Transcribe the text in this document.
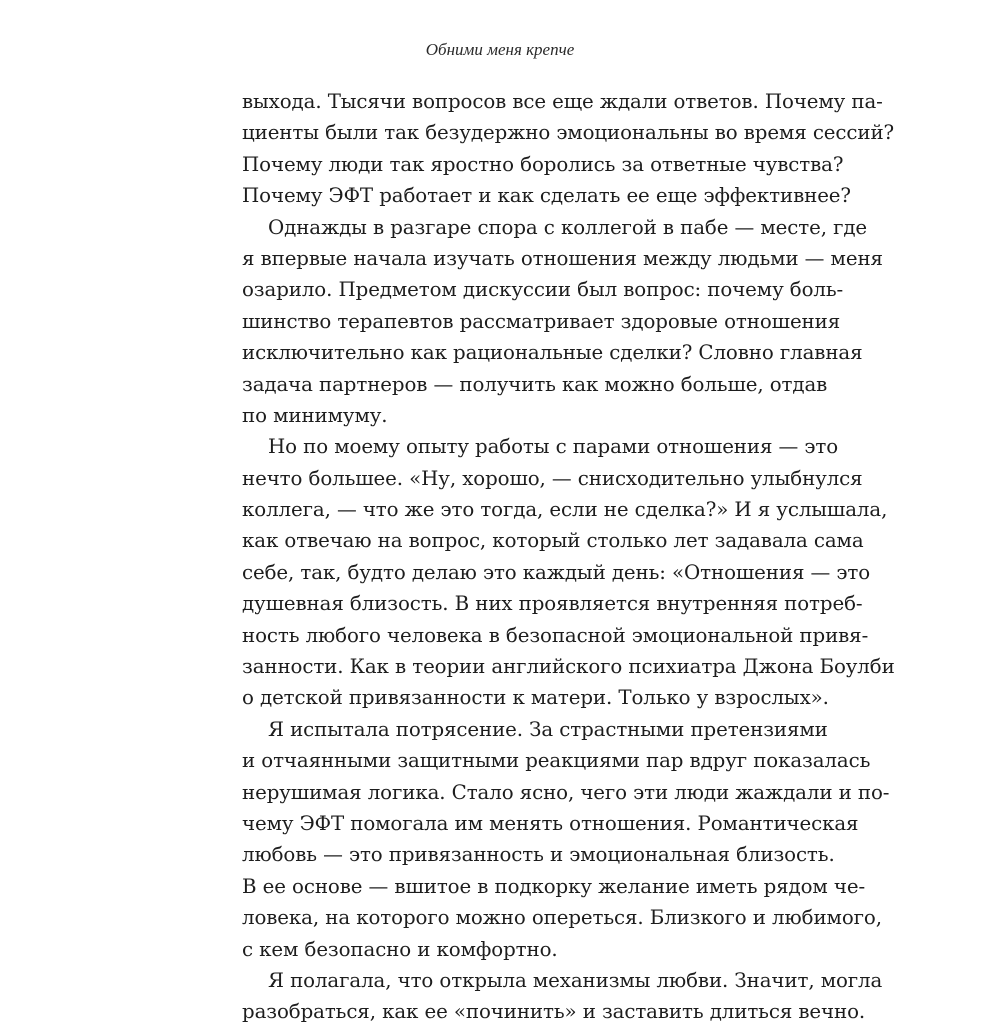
Обними меня крепче
выхода. Тысячи вопросов все еще ждали ответов. Почему па-
циенты были так безудержно эмоциональны во время сессий?
Почему люди так яростно боролись за ответные чувства?
Почему ЭФТ работает и как сделать ее еще эффективнее?
Однажды в разгаре спора с коллегой в пабе — месте, где
я впервые начала изучать отношения между людьми — меня
озарило. Предметом дискуссии был вопрос: почему боль-
шинство терапевтов рассматривает здоровые отношения
исключительно как рациональные сделки? Словно главная
задача партнеров — получить как можно больше, отдав
по минимуму.
Но по моему опыту работы с парами отношения — это
нечто большее. «Ну, хорошо, — снисходительно улыбнулся
коллега, — что же это тогда, если не сделка?» И я услышала,
как отвечаю на вопрос, который столько лет задавала сама
себе, так, будто делаю это каждый день: «Отношения — это
душевная близость. В них проявляется внутренняя потреб-
ность любого человека в безопасной эмоциональной привя-
занности. Как в теории английского психиатра Джона Боулби
о детской привязанности к матери. Только у взрослых».
Я испытала потрясение. За страстными претензиями
и отчаянными защитными реакциями пар вдруг показалась
нерушимая логика. Стало ясно, чего эти люди жаждали и по-
чему ЭФТ помогала им менять отношения. Романтическая
любовь — это привязанность и эмоциональная близость.
В ее основе — вшитое в подкорку желание иметь рядом че-
ловека, на которого можно опереться. Близкого и любимого,
с кем безопасно и комфортно.
Я полагала, что открыла механизмы любви. Значит, могла
разобраться, как ее «починить» и заставить длиться вечно.
